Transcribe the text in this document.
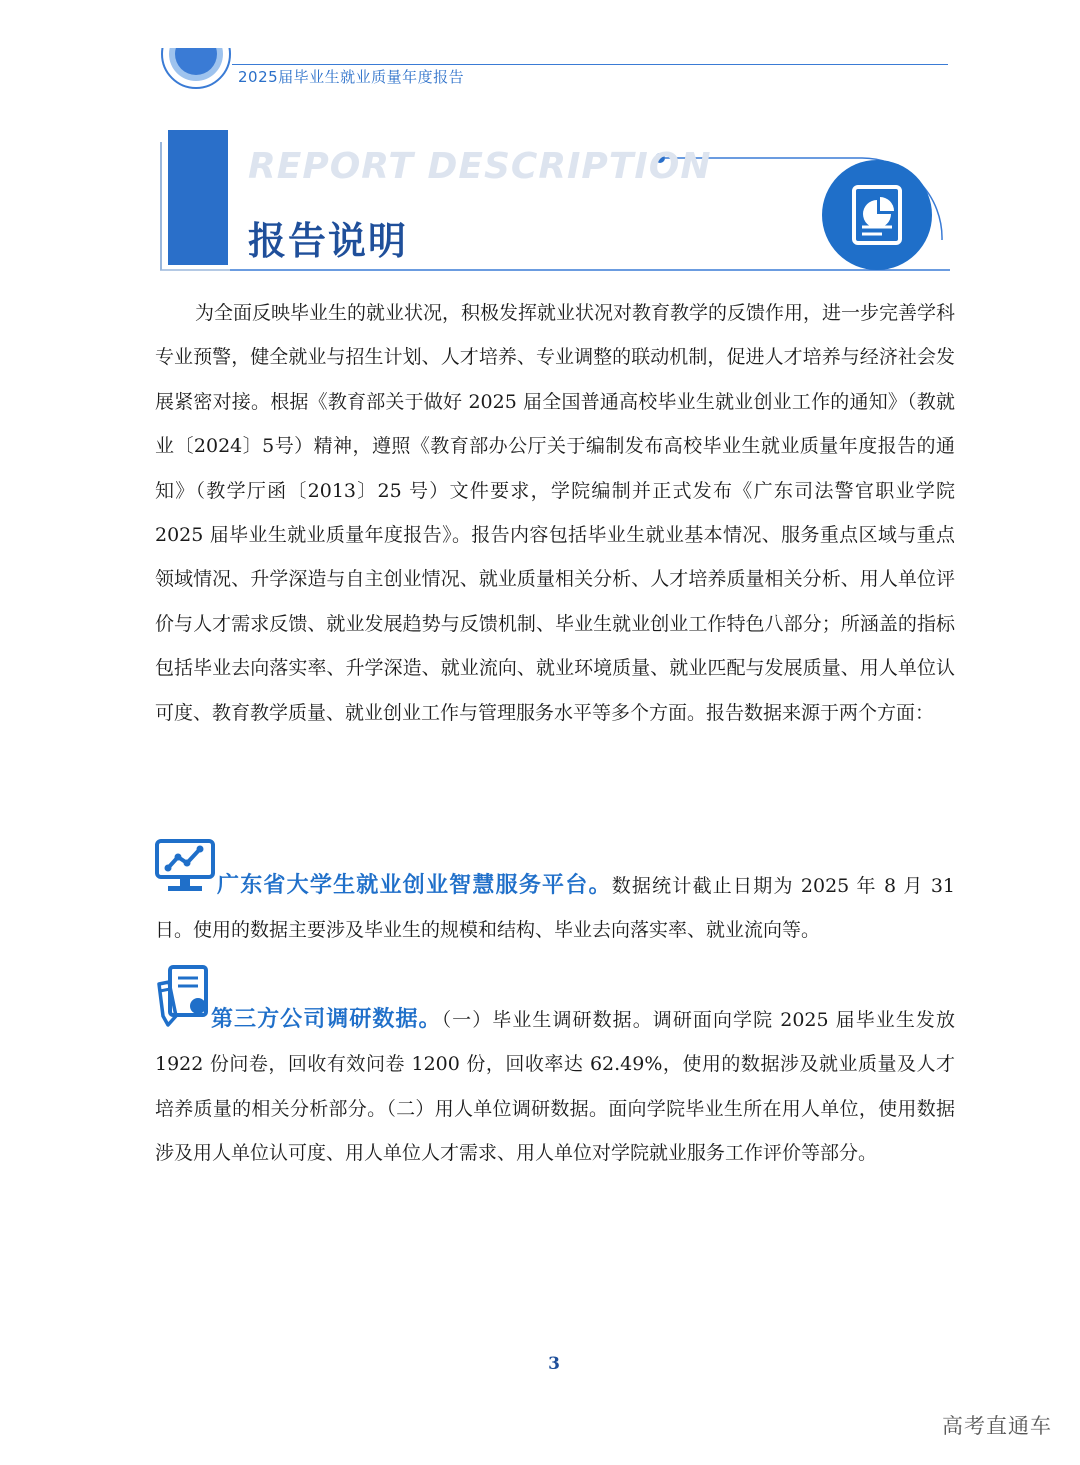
2025届毕业生就业质量年度报告
REPORT DESCRIPTION
报告说明

为全面反映毕业生的就业状况，积极发挥就业状况对教育教学的反馈作用，进一步完善学科专业预警，健全就业与招生计划、人才培养、专业调整的联动机制，促进人才培养与经济社会发展紧密对接。根据《教育部关于做好 2025 届全国普通高校毕业生就业创业工作的通知》（教就业〔2024〕5号）精神，遵照《教育部办公厅关于编制发布高校毕业生就业质量年度报告的通知》（教学厅函〔2013〕25 号）文件要求，学院编制并正式发布《广东司法警官职业学院 2025 届毕业生就业质量年度报告》。报告内容包括毕业生就业基本情况、服务重点区域与重点领域情况、升学深造与自主创业情况、就业质量相关分析、人才培养质量相关分析、用人单位评价与人才需求反馈、就业发展趋势与反馈机制、毕业生就业创业工作特色八部分；所涵盖的指标包括毕业去向落实率、升学深造、就业流向、就业环境质量、就业匹配与发展质量、用人单位认可度、教育教学质量、就业创业工作与管理服务水平等多个方面。报告数据来源于两个方面：

广东省大学生就业创业智慧服务平台。数据统计截止日期为 2025 年 8 月 31 日。使用的数据主要涉及毕业生的规模和结构、毕业去向落实率、就业流向等。

第三方公司调研数据。（一）毕业生调研数据。调研面向学院 2025 届毕业生发放 1922 份问卷，回收有效问卷 1200 份，回收率达 62.49%，使用的数据涉及就业质量及人才培养质量的相关分析部分。（二）用人单位调研数据。面向学院毕业生所在用人单位，使用数据涉及用人单位认可度、用人单位人才需求、用人单位对学院就业服务工作评价等部分。

3
高考直通车
